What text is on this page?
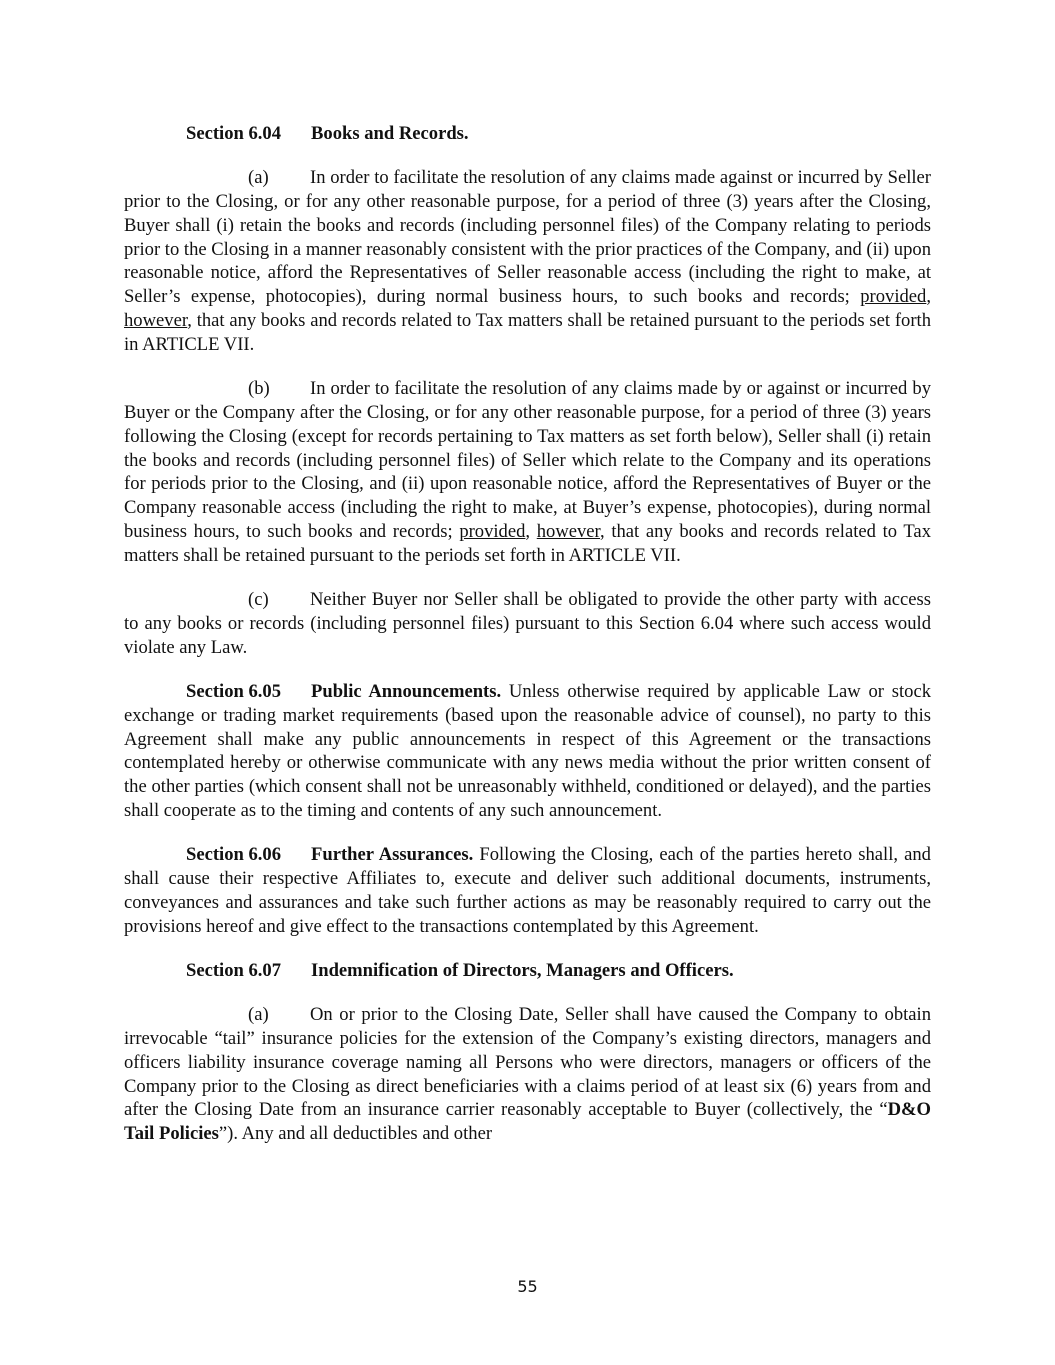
Section 6.04 Books and Records.

(a) In order to facilitate the resolution of any claims made against or incurred by Seller prior to the Closing, or for any other reasonable purpose, for a period of three (3) years after the Closing, Buyer shall (i) retain the books and records (including personnel files) of the Company relating to periods prior to the Closing in a manner reasonably consistent with the prior practices of the Company, and (ii) upon reasonable notice, afford the Representatives of Seller reasonable access (including the right to make, at Seller’s expense, photocopies), during normal business hours, to such books and records; provided, however, that any books and records related to Tax matters shall be retained pursuant to the periods set forth in ARTICLE VII.

(b) In order to facilitate the resolution of any claims made by or against or incurred by Buyer or the Company after the Closing, or for any other reasonable purpose, for a period of three (3) years following the Closing (except for records pertaining to Tax matters as set forth below), Seller shall (i) retain the books and records (including personnel files) of Seller which relate to the Company and its operations for periods prior to the Closing, and (ii) upon reasonable notice, afford the Representatives of Buyer or the Company reasonable access (including the right to make, at Buyer’s expense, photocopies), during normal business hours, to such books and records; provided, however, that any books and records related to Tax matters shall be retained pursuant to the periods set forth in ARTICLE VII.

(c) Neither Buyer nor Seller shall be obligated to provide the other party with access to any books or records (including personnel files) pursuant to this Section 6.04 where such access would violate any Law.

Section 6.05 Public Announcements. Unless otherwise required by applicable Law or stock exchange or trading market requirements (based upon the reasonable advice of counsel), no party to this Agreement shall make any public announcements in respect of this Agreement or the transactions contemplated hereby or otherwise communicate with any news media without the prior written consent of the other parties (which consent shall not be unreasonably withheld, conditioned or delayed), and the parties shall cooperate as to the timing and contents of any such announcement.

Section 6.06 Further Assurances. Following the Closing, each of the parties hereto shall, and shall cause their respective Affiliates to, execute and deliver such additional documents, instruments, conveyances and assurances and take such further actions as may be reasonably required to carry out the provisions hereof and give effect to the transactions contemplated by this Agreement.

Section 6.07 Indemnification of Directors, Managers and Officers.

(a) On or prior to the Closing Date, Seller shall have caused the Company to obtain irrevocable “tail” insurance policies for the extension of the Company’s existing directors, managers and officers liability insurance coverage naming all Persons who were directors, managers or officers of the Company prior to the Closing as direct beneficiaries with a claims period of at least six (6) years from and after the Closing Date from an insurance carrier reasonably acceptable to Buyer (collectively, the “D&O Tail Policies”). Any and all deductibles and other

55
